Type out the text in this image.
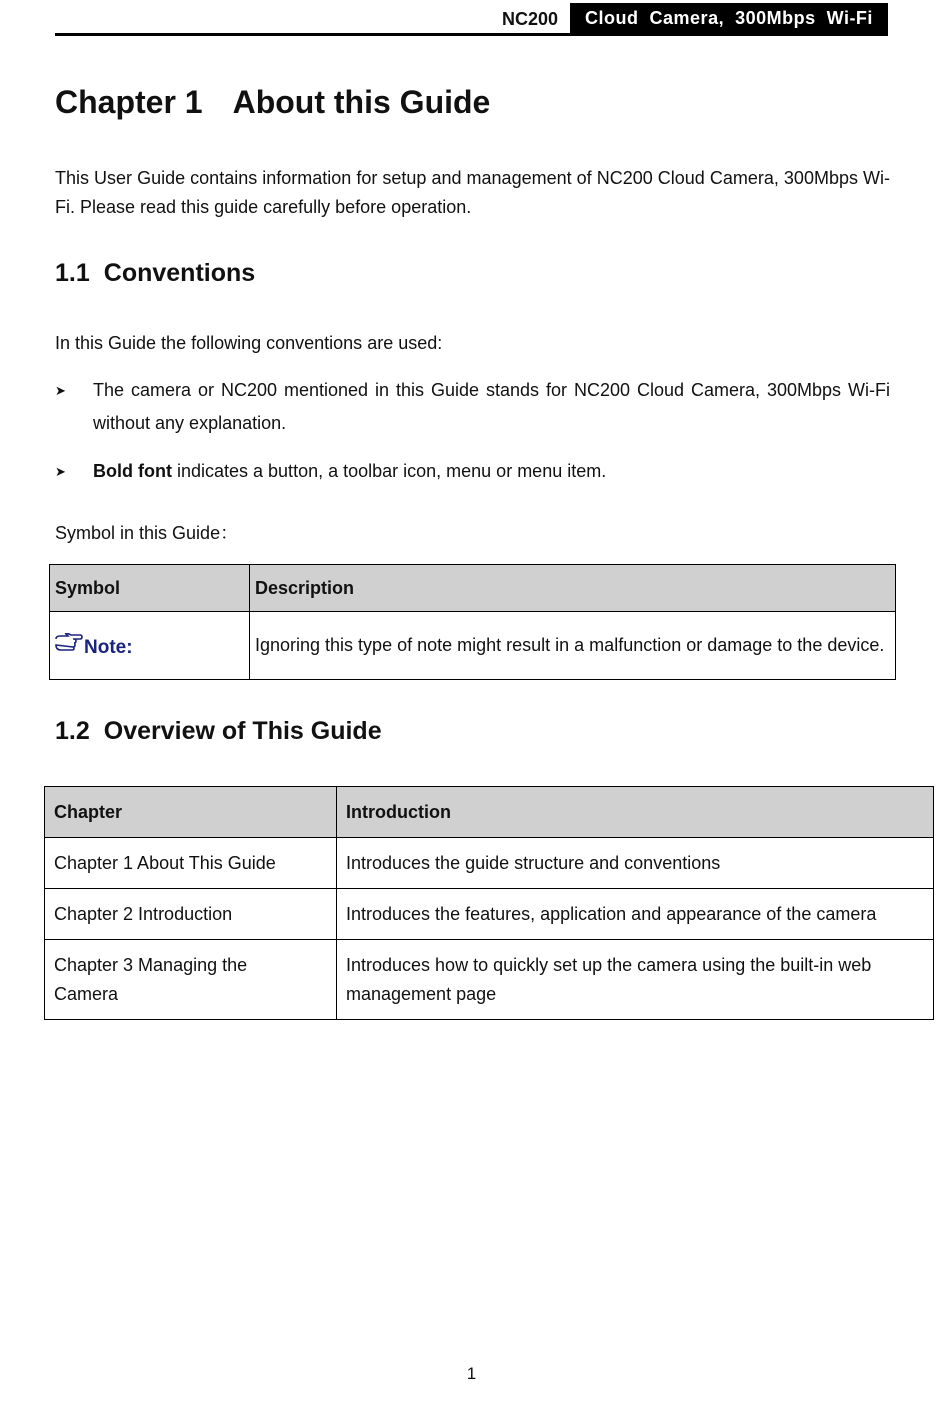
NC200	Cloud  Camera,  300Mbps  Wi-Fi
Chapter 1 About this Guide

This User Guide contains information for setup and management of NC200 Cloud Camera, 300Mbps Wi-Fi. Please read this guide carefully before operation.

1.1 Conventions

In this Guide the following conventions are used:

➤ The camera or NC200 mentioned in this Guide stands for NC200 Cloud Camera, 300Mbps Wi-Fi without any explanation.
➤ Bold font indicates a button, a toolbar icon, menu or menu item.

Symbol in this Guide：

Symbol	Description
Note:	Ignoring this type of note might result in a malfunction or damage to the device.
1.2 Overview of This Guide
Chapter	Introduction
Chapter 1 About This Guide	Introduces the guide structure and conventions
Chapter 2 Introduction	Introduces the features, application and appearance of the camera
Chapter 3 Managing the Camera	Introduces how to quickly set up the camera using the built-in web management page
1
